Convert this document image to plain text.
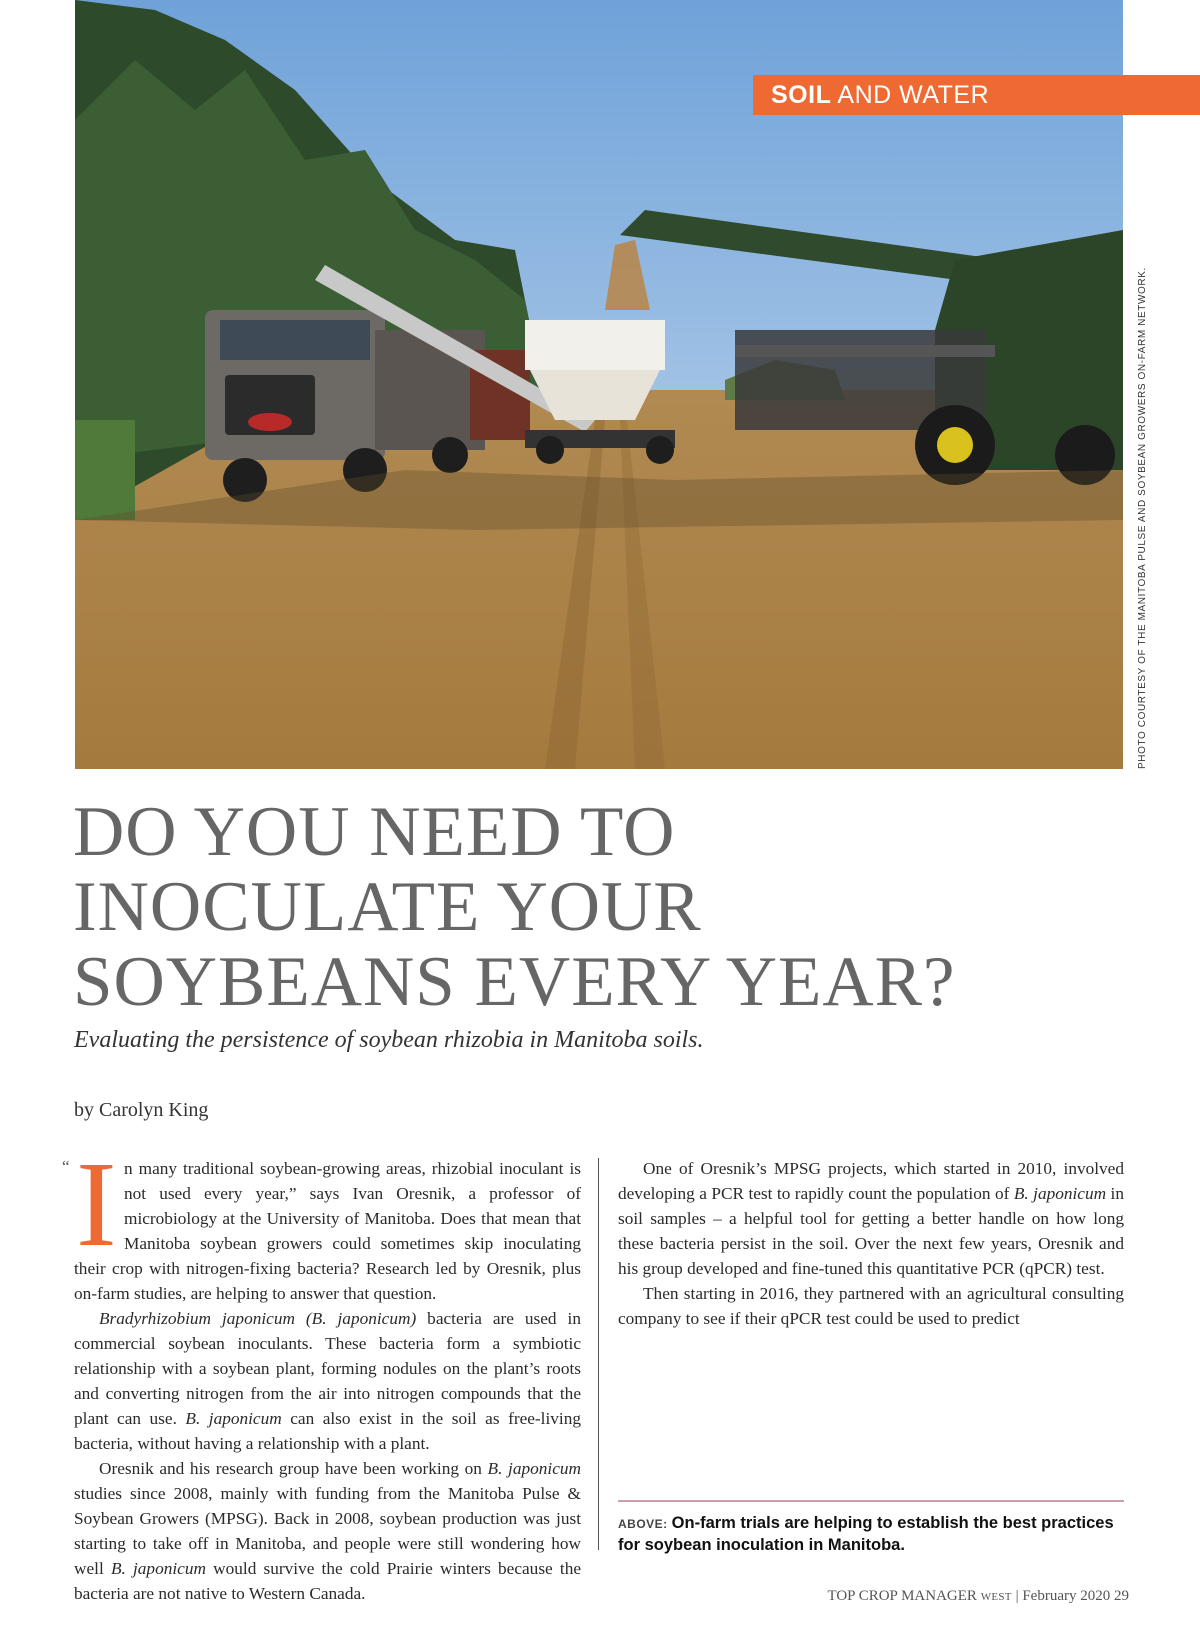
SOIL AND WATER
PHOTO COURTESY OF THE MANITOBA PULSE AND SOYBEAN GROWERS ON-FARM NETWORK.
DO YOU NEED TO
INOCULATE YOUR
SOYBEANS EVERY YEAR?

Evaluating the persistence of soybean rhizobia in Manitoba soils.

by Carolyn King

“ I n many traditional soybean-growing areas, rhizobial inoculant is not used every year,” says Ivan Oresnik, a professor of microbiology at the University of Manitoba. Does that mean that Manitoba soybean growers could sometimes skip inoculating their crop with nitrogen-fixing bacteria? Research led by Oresnik, plus on-farm studies, are helping to answer that question.

Bradyrhizobium japonicum (B. japonicum) bacteria are used in commercial soybean inoculants. These bacteria form a symbiotic relationship with a soybean plant, forming nodules on the plant’s roots and converting nitrogen from the air into nitrogen compounds that the plant can use. B. japonicum can also exist in the soil as free-living bacteria, without having a relationship with a plant.

Oresnik and his research group have been working on B. japonicum studies since 2008, mainly with funding from the Manitoba Pulse & Soybean Growers (MPSG). Back in 2008, soybean production was just starting to take off in Manitoba, and people were still wondering how well B. japonicum would survive the cold Prairie winters because the bacteria are not native to Western Canada.

One of Oresnik’s MPSG projects, which started in 2010, involved developing a PCR test to rapidly count the population of B. japonicum in soil samples – a helpful tool for getting a better handle on how long these bacteria persist in the soil. Over the next few years, Oresnik and his group developed and fine-tuned this quantitative PCR (qPCR) test.

Then starting in 2016, they partnered with an agricultural consulting company to see if their qPCR test could be used to predict

ABOVE: On-farm trials are helping to establish the best practices for soybean inoculation in Manitoba.
TOP CROP MANAGER WEST | February 2020 29
